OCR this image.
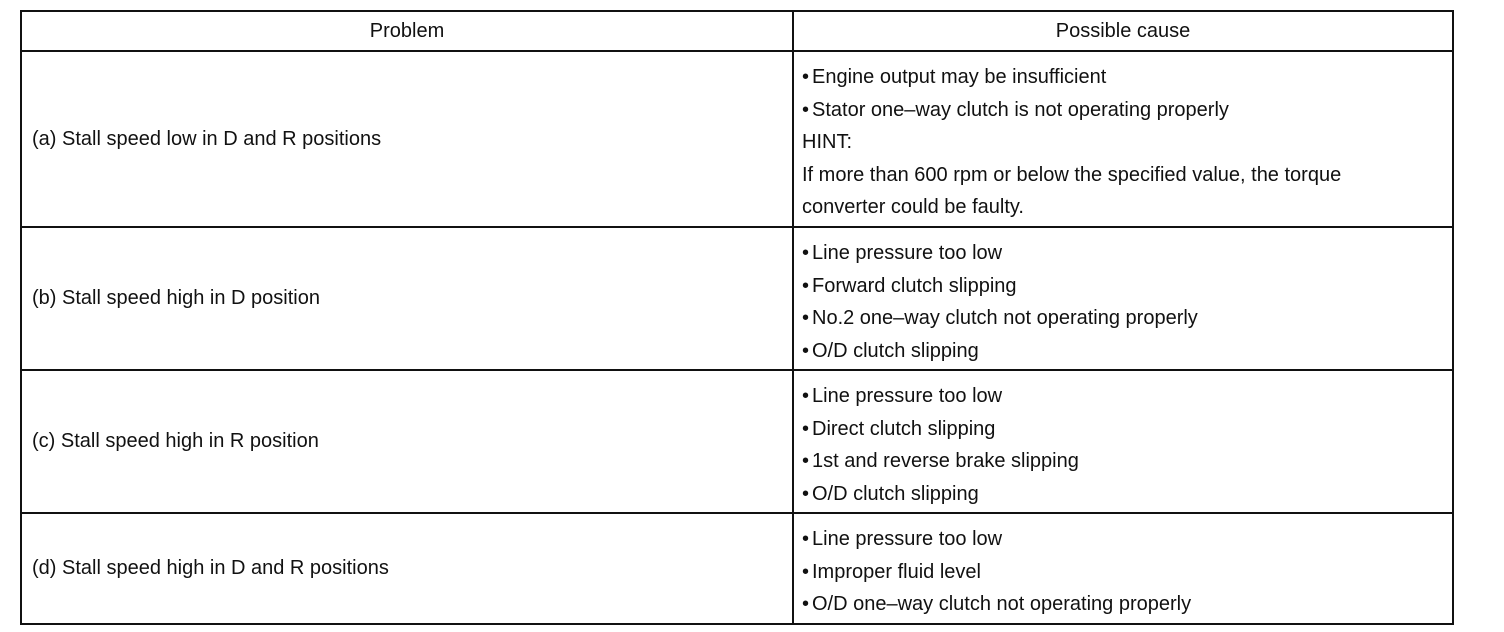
Problem	Possible cause
(a) Stall speed low in D and R positions	• Engine output may be insufficient
• Stator one–way clutch is not operating properly
HINT:
If more than 600 rpm or below the specified value, the torque
converter could be faulty.

(b) Stall speed high in D position	• Line pressure too low
• Forward clutch slipping
• No.2 one–way clutch not operating properly
• O/D clutch slipping

(c) Stall speed high in R position	• Line pressure too low
• Direct clutch slipping
• 1st and reverse brake slipping
• O/D clutch slipping

(d) Stall speed high in D and R positions	• Line pressure too low
• Improper fluid level
• O/D one–way clutch not operating properly
